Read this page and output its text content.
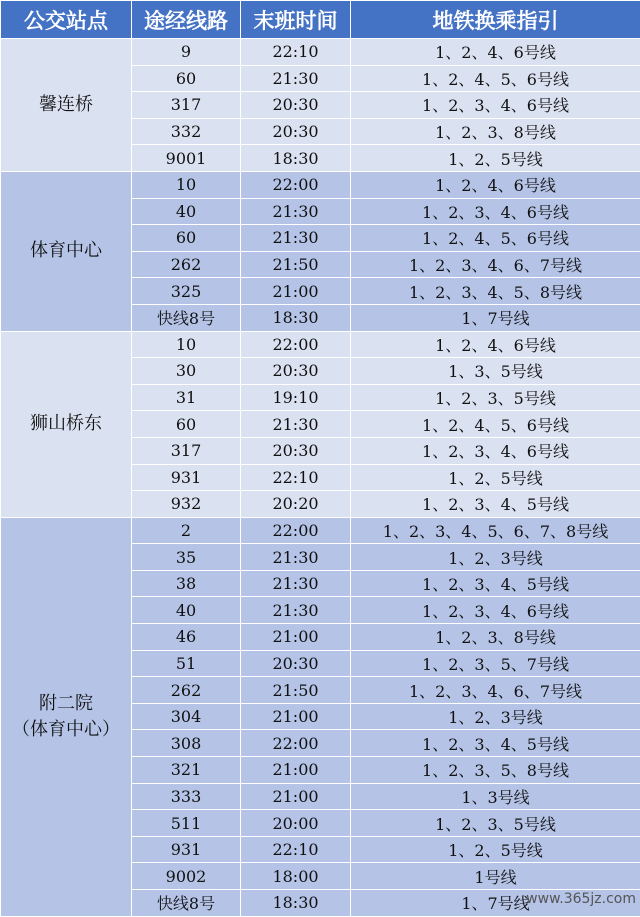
公交站点	途经线路	末班时间	地铁换乘指引
馨连桥	9	22:10	1、2、4、6号线
	60	21:30	1、2、4、5、6号线
	317	20:30	1、2、3、4、6号线
	332	20:30	1、2、3、8号线
	9001	18:30	1、2、5号线
体育中心	10	22:00	1、2、4、6号线
	40	21:30	1、2、3、4、6号线
	60	21:30	1、2、4、5、6号线
	262	21:50	1、2、3、4、6、7号线
	325	21:00	1、2、3、4、5、8号线
	快线8号	18:30	1、7号线
狮山桥东	10	22:00	1、2、4、6号线
	30	20:30	1、3、5号线
	31	19:10	1、2、3、5号线
	60	21:30	1、2、4、5、6号线
	317	20:30	1、2、3、4、6号线
	931	22:10	1、2、5号线
	932	20:20	1、2、3、4、5号线
附二院
（体育中心）	2	22:00	1、2、3、4、5、6、7、8号线
	35	21:30	1、2、3号线
	38	21:30	1、2、3、4、5号线
	40	21:30	1、2、3、4、6号线
	46	21:00	1、2、3、8号线
	51	20:30	1、2、3、5、7号线
	262	21:50	1、2、3、4、6、7号线
	304	21:00	1、2、3号线
	308	22:00	1、2、3、4、5号线
	321	21:00	1、2、3、5、8号线
	333	21:00	1、3号线
	511	20:00	1、2、3、5号线
	931	22:10	1、2、5号线
	9002	18:00	1号线
	快线8号	18:30	1、7号线
www.365jz.com
